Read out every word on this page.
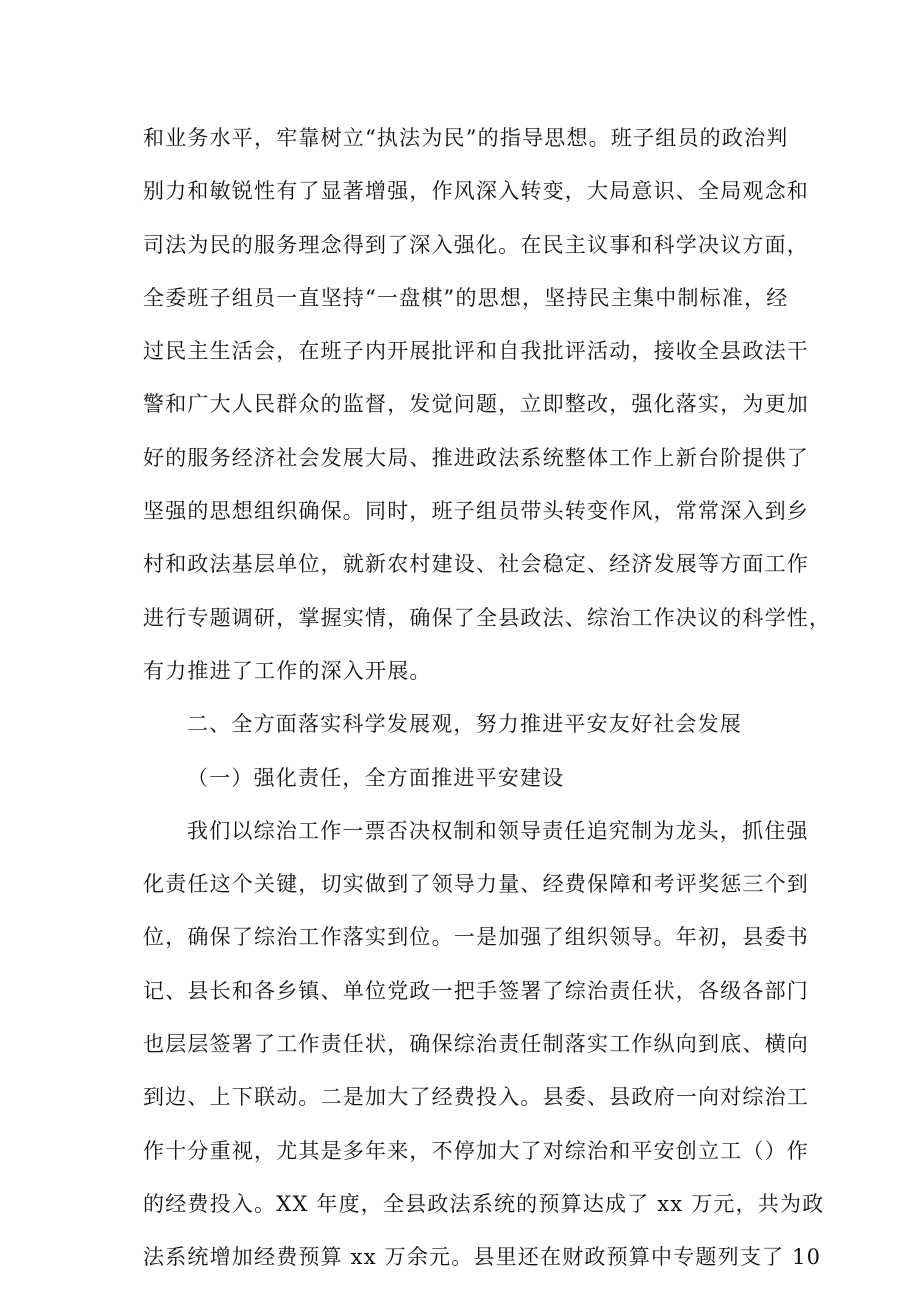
和业务水平，牢靠树立“执法为民”的指导思想。班子组员的政治判
别力和敏锐性有了显著增强，作风深入转变，大局意识、全局观念和
司法为民的服务理念得到了深入强化。在民主议事和科学决议方面，
全委班子组员一直坚持“一盘棋”的思想，坚持民主集中制标准，经
过民主生活会，在班子内开展批评和自我批评活动，接收全县政法干
警和广大人民群众的监督，发觉问题，立即整改，强化落实，为更加
好的服务经济社会发展大局、推进政法系统整体工作上新台阶提供了
坚强的思想组织确保。同时，班子组员带头转变作风，常常深入到乡
村和政法基层单位，就新农村建设、社会稳定、经济发展等方面工作
进行专题调研，掌握实情，确保了全县政法、综治工作决议的科学性，
有力推进了工作的深入开展。
二、全方面落实科学发展观，努力推进平安友好社会发展
（一）强化责任，全方面推进平安建设
我们以综治工作一票否决权制和领导责任追究制为龙头，抓住强
化责任这个关键，切实做到了领导力量、经费保障和考评奖惩三个到
位，确保了综治工作落实到位。一是加强了组织领导。年初，县委书
记、县长和各乡镇、单位党政一把手签署了综治责任状，各级各部门
也层层签署了工作责任状，确保综治责任制落实工作纵向到底、横向
到边、上下联动。二是加大了经费投入。县委、县政府一向对综治工
作十分重视，尤其是多年来，不停加大了对综治和平安创立工（）作
的经费投入。XX 年度，全县政法系统的预算达成了 xx 万元，共为政
法系统增加经费预算 xx 万余元。县里还在财政预算中专题列支了 10
